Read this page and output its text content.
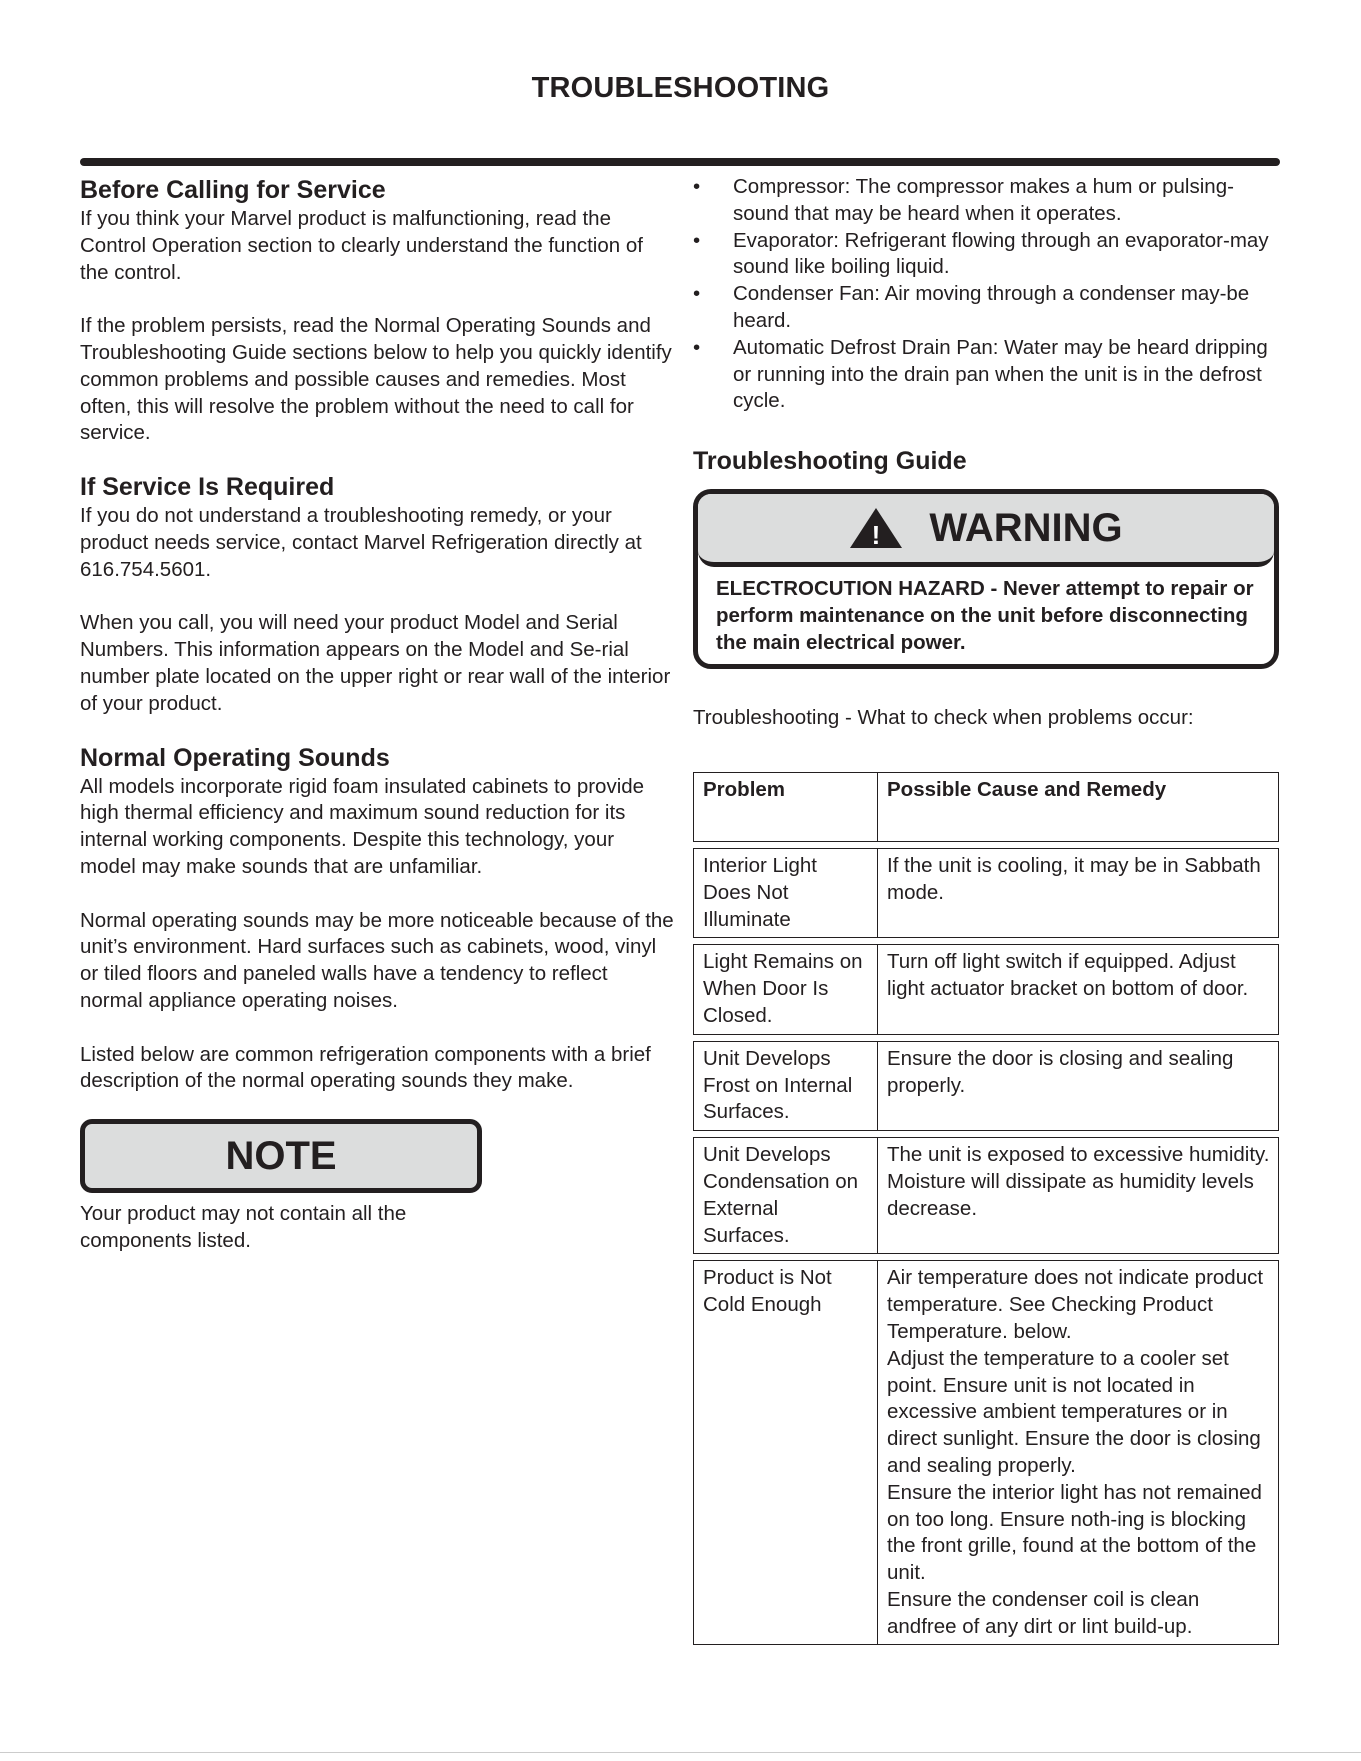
TROUBLESHOOTING
Before Calling for Service

If you think your Marvel product is malfunctioning, read the Control Operation section to clearly understand the function of the control.

If the problem persists, read the Normal Operating Sounds and Troubleshooting Guide sections below to help you quickly identify common problems and possible causes and remedies. Most often, this will resolve the problem without the need to call for service.

If Service Is Required

If you do not understand a troubleshooting remedy, or your product needs service, contact Marvel Refrigeration directly at 616.754.5601.

When you call, you will need your product Model and Serial Numbers. This information appears on the Model and Se-rial number plate located on the upper right or rear wall of the interior of your product.

Normal Operating Sounds

All models incorporate rigid foam insulated cabinets to provide high thermal efficiency and maximum sound reduction for its internal working components. Despite this technology, your model may make sounds that are unfamiliar.

Normal operating sounds may be more noticeable because of the unit’s environment. Hard surfaces such as cabinets, wood, vinyl or tiled floors and paneled walls have a tendency to reflect normal appliance operating noises.

Listed below are common refrigeration components with a brief description of the normal operating sounds they make.

NOTE
Your product may not contain all the components listed.
• Compressor: The compressor makes a hum or pulsing-sound that may be heard when it operates.
• Evaporator: Refrigerant flowing through an evaporator-may sound like boiling liquid.
• Condenser Fan: Air moving through a condenser may-be heard.
• Automatic Defrost Drain Pan: Water may be heard dripping or running into the drain pan when the unit is in the defrost cycle.
Troubleshooting Guide
! WARNING
ELECTROCUTION HAZARD - Never attempt to repair or perform maintenance on the unit before disconnecting the main electrical power.
Troubleshooting - What to check when problems occur:
Problem	Possible Cause and Remedy

Interior Light Does Not Illuminate	If the unit is cooling, it may be in Sabbath mode.

Light Remains on When Door Is Closed.	Turn off light switch if equipped. Adjust light actuator bracket on bottom of door.

Unit Develops Frost on Internal Surfaces.	Ensure the door is closing and sealing properly.

Unit Develops Condensation on External Surfaces.	The unit is exposed to excessive humidity. Moisture will dissipate as humidity levels decrease.

Product is Not Cold Enough	Air temperature does not indicate product temperature. See Checking Product Temperature. below.
Adjust the temperature to a cooler set point. Ensure unit is not located in excessive ambient temperatures or in direct sunlight. Ensure the door is closing and sealing properly.
Ensure the interior light has not remained on too long. Ensure noth-ing is blocking the front grille, found at the bottom of the unit.
Ensure the condenser coil is clean andfree of any dirt or lint build-up.
